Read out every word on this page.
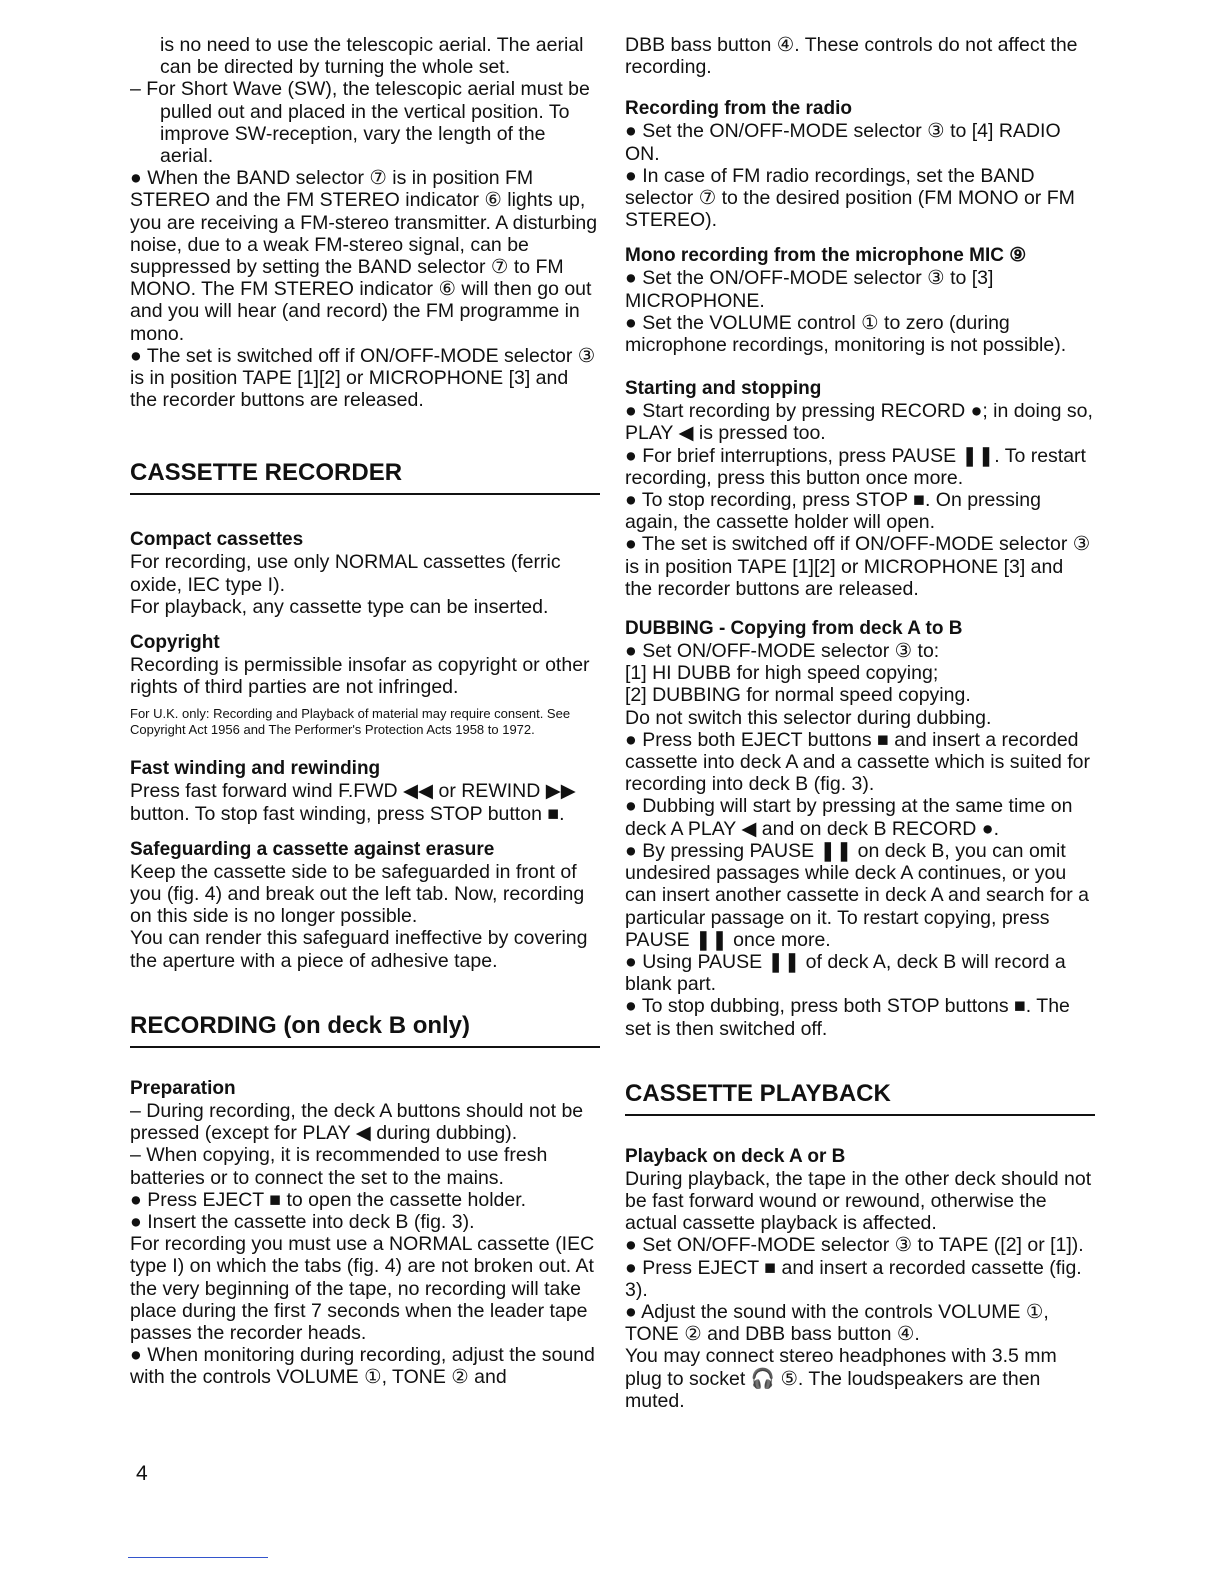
is no need to use the telescopic aerial. The aerial can be directed by turning the whole set.

– For Short Wave (SW), the telescopic aerial must be pulled out and placed in the vertical position. To improve SW-reception, vary the length of the aerial.

● When the BAND selector ⑦ is in position FM STEREO and the FM STEREO indicator ⑥ lights up, you are receiving a FM-stereo transmitter. A disturbing noise, due to a weak FM-stereo signal, can be suppressed by setting the BAND selector ⑦ to FM MONO. The FM STEREO indicator ⑥ will then go out and you will hear (and record) the FM programme in mono.

● The set is switched off if ON/OFF-MODE selector ③ is in position TAPE [1][2] or MICROPHONE [3] and the recorder buttons are released.

CASSETTE RECORDER

Compact cassettes

For recording, use only NORMAL cassettes (ferric oxide, IEC type I).

For playback, any cassette type can be inserted.

Copyright

Recording is permissible insofar as copyright or other rights of third parties are not infringed.

For U.K. only: Recording and Playback of material may require consent. See Copyright Act 1956 and The Performer's Protection Acts 1958 to 1972.

Fast winding and rewinding

Press fast forward wind F.FWD ◀◀ or REWIND ▶▶ button. To stop fast winding, press STOP button ■.

Safeguarding a cassette against erasure

Keep the cassette side to be safeguarded in front of you (fig. 4) and break out the left tab. Now, recording on this side is no longer possible.

You can render this safeguard ineffective by covering the aperture with a piece of adhesive tape.

RECORDING (on deck B only)

Preparation

– During recording, the deck A buttons should not be pressed (except for PLAY ◀ during dubbing).

– When copying, it is recommended to use fresh batteries or to connect the set to the mains.

● Press EJECT ■ to open the cassette holder.

● Insert the cassette into deck B (fig. 3).

For recording you must use a NORMAL cassette (IEC type I) on which the tabs (fig. 4) are not broken out. At the very beginning of the tape, no recording will take place during the first 7 seconds when the leader tape passes the recorder heads.

● When monitoring during recording, adjust the sound with the controls VOLUME ①, TONE ② and

DBB bass button ④. These controls do not affect the recording.

Recording from the radio

● Set the ON/OFF-MODE selector ③ to [4] RADIO ON.

● In case of FM radio recordings, set the BAND selector ⑦ to the desired position (FM MONO or FM STEREO).

Mono recording from the microphone MIC ⑨

● Set the ON/OFF-MODE selector ③ to [3] MICROPHONE.

● Set the VOLUME control ① to zero (during microphone recordings, monitoring is not possible).

Starting and stopping

● Start recording by pressing RECORD ●; in doing so, PLAY ◀ is pressed too.

● For brief interruptions, press PAUSE ❚❚. To restart recording, press this button once more.

● To stop recording, press STOP ■. On pressing again, the cassette holder will open.

● The set is switched off if ON/OFF-MODE selector ③ is in position TAPE [1][2] or MICROPHONE [3] and the recorder buttons are released.

DUBBING - Copying from deck A to B

● Set ON/OFF-MODE selector ③ to:

[1] HI DUBB for high speed copying;

[2] DUBBING for normal speed copying.

Do not switch this selector during dubbing.

● Press both EJECT buttons ■ and insert a recorded cassette into deck A and a cassette which is suited for recording into deck B (fig. 3).

● Dubbing will start by pressing at the same time on deck A PLAY ◀ and on deck B RECORD ●.

● By pressing PAUSE ❚❚ on deck B, you can omit undesired passages while deck A continues, or you can insert another cassette in deck A and search for a particular passage on it. To restart copying, press PAUSE ❚❚ once more.

● Using PAUSE ❚❚ of deck A, deck B will record a blank part.

● To stop dubbing, press both STOP buttons ■. The set is then switched off.

CASSETTE PLAYBACK

Playback on deck A or B

During playback, the tape in the other deck should not be fast forward wound or rewound, otherwise the actual cassette playback is affected.

● Set ON/OFF-MODE selector ③ to TAPE ([2] or [1]).

● Press EJECT ■ and insert a recorded cassette (fig. 3).

● Adjust the sound with the controls VOLUME ①, TONE ② and DBB bass button ④.

You may connect stereo headphones with 3.5 mm plug to socket 🎧 ⑤. The loudspeakers are then muted.

4
